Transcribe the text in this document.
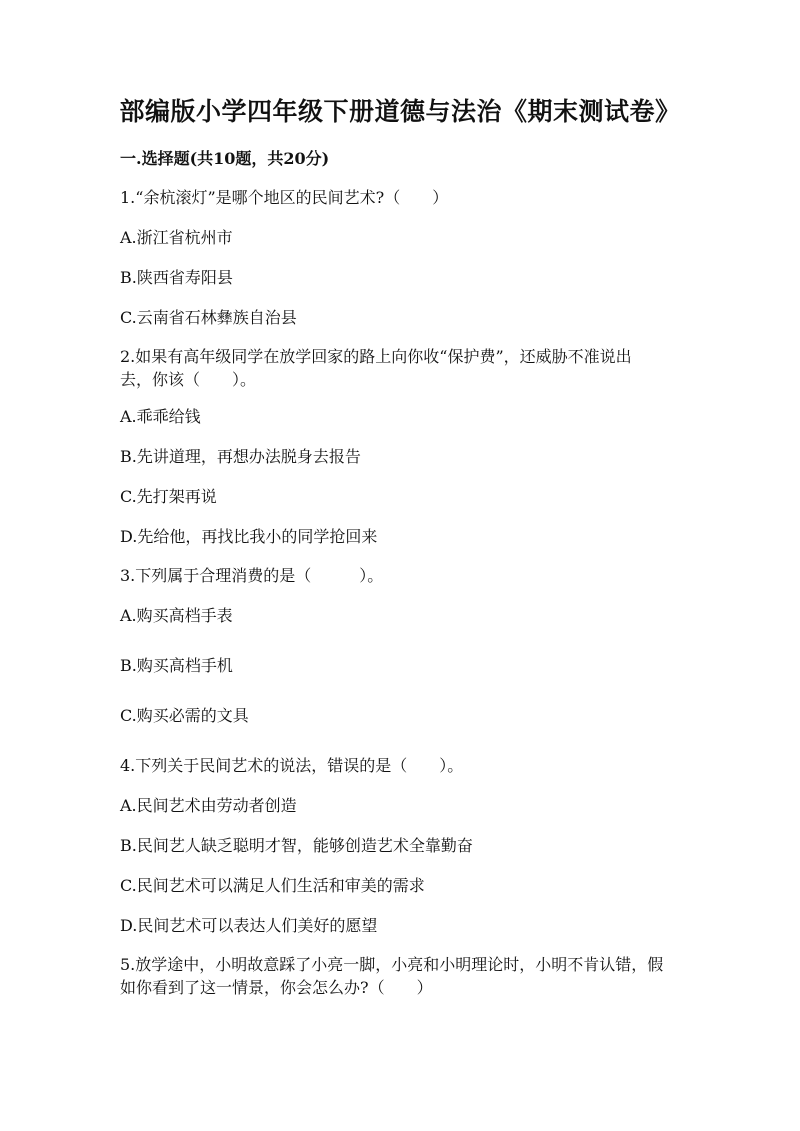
部编版小学四年级下册道德与法治《期末测试卷》
一.选择题(共10题，共20分)
1.“余杭滚灯”是哪个地区的民间艺术?（　　）
A.浙江省杭州市
B.陕西省寿阳县
C.云南省石林彝族自治县
2.如果有高年级同学在放学回家的路上向你收“保护费”，还威胁不准说出
去，你该（　　）。
A.乖乖给钱
B.先讲道理，再想办法脱身去报告
C.先打架再说
D.先给他，再找比我小的同学抢回来
3.下列属于合理消费的是（　　　）。
A.购买高档手表
B.购买高档手机
C.购买必需的文具
4.下列关于民间艺术的说法，错误的是（　　）。
A.民间艺术由劳动者创造
B.民间艺人缺乏聪明才智，能够创造艺术全靠勤奋
C.民间艺术可以满足人们生活和审美的需求
D.民间艺术可以表达人们美好的愿望
5.放学途中，小明故意踩了小亮一脚，小亮和小明理论时，小明不肯认错，假
如你看到了这一情景，你会怎么办?（　　）
